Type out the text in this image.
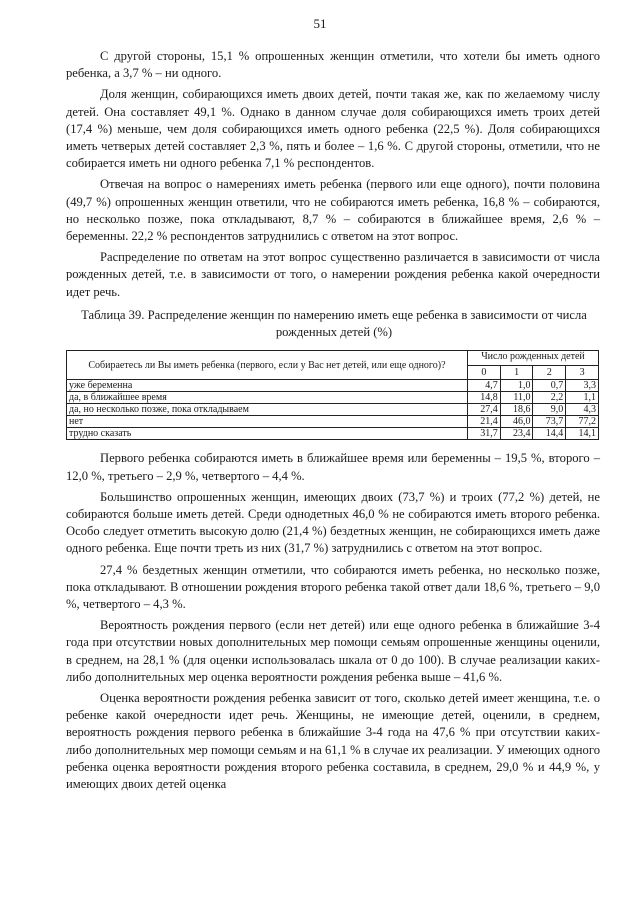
51

С другой стороны, 15,1 % опрошенных женщин отметили, что хотели бы иметь одного ребенка, а 3,7 % – ни одного.

Доля женщин, собирающихся иметь двоих детей, почти такая же, как по желаемому числу детей. Она составляет 49,1 %. Однако в данном случае доля собирающихся иметь троих детей (17,4 %) меньше, чем доля собирающихся иметь одного ребенка (22,5 %). Доля собирающихся иметь четверых детей составляет 2,3 %, пять и более – 1,6 %. С другой стороны, отметили, что не собирается иметь ни одного ребенка 7,1 % респондентов.

Отвечая на вопрос о намерениях иметь ребенка (первого или еще одного), почти половина (49,7 %) опрошенных женщин ответили, что не собираются иметь ребенка, 16,8 % – собираются, но несколько позже, пока откладывают, 8,7 % – собираются в ближайшее время, 2,6 % – беременны. 22,2 % респондентов затруднились с ответом на этот вопрос.

Распределение по ответам на этот вопрос существенно различается в зависимости от числа рожденных детей, т.е. в зависимости от того, о намерении рождения ребенка какой очередности идет речь.

Таблица 39. Распределение женщин по намерению иметь еще ребенка в зависимости от числа рожденных детей (%)

Собираетесь ли Вы иметь ребенка (первого, если у Вас нет детей, или еще одного)?	Число рожденных детей			
	0	1	2	3
уже беременна	4,7	1,0	0,7	3,3
да, в ближайшее время	14,8	11,0	2,2	1,1
да, но несколько позже, пока откладываем	27,4	18,6	9,0	4,3
нет	21,4	46,0	73,7	77,2
трудно сказать	31,7	23,4	14,4	14,1

Первого ребенка собираются иметь в ближайшее время или беременны – 19,5 %, второго – 12,0 %, третьего – 2,9 %, четвертого – 4,4 %.

Большинство опрошенных женщин, имеющих двоих (73,7 %) и троих (77,2 %) детей, не собираются больше иметь детей. Среди однодетных 46,0 % не собираются иметь второго ребенка. Особо следует отметить высокую долю (21,4 %) бездетных женщин, не собирающихся иметь даже одного ребенка. Еще почти треть из них (31,7 %) затруднились с ответом на этот вопрос.

27,4 % бездетных женщин отметили, что собираются иметь ребенка, но несколько позже, пока откладывают. В отношении рождения второго ребенка такой ответ дали 18,6 %, третьего – 9,0 %, четвертого – 4,3 %.

Вероятность рождения первого (если нет детей) или еще одного ребенка в ближайшие 3-4 года при отсутствии новых дополнительных мер помощи семьям опрошенные женщины оценили, в среднем, на 28,1 % (для оценки использовалась шкала от 0 до 100). В случае реализации каких-либо дополнительных мер оценка вероятности рождения ребенка выше – 41,6 %.

Оценка вероятности рождения ребенка зависит от того, сколько детей имеет женщина, т.е. о ребенке какой очередности идет речь. Женщины, не имеющие детей, оценили, в среднем, вероятность рождения первого ребенка в ближайшие 3-4 года на 47,6 % при отсутствии каких-либо дополнительных мер помощи семьям и на 61,1 % в случае их реализации. У имеющих одного ребенка оценка вероятности рождения второго ребенка составила, в среднем, 29,0 % и 44,9 %, у имеющих двоих детей оценка
